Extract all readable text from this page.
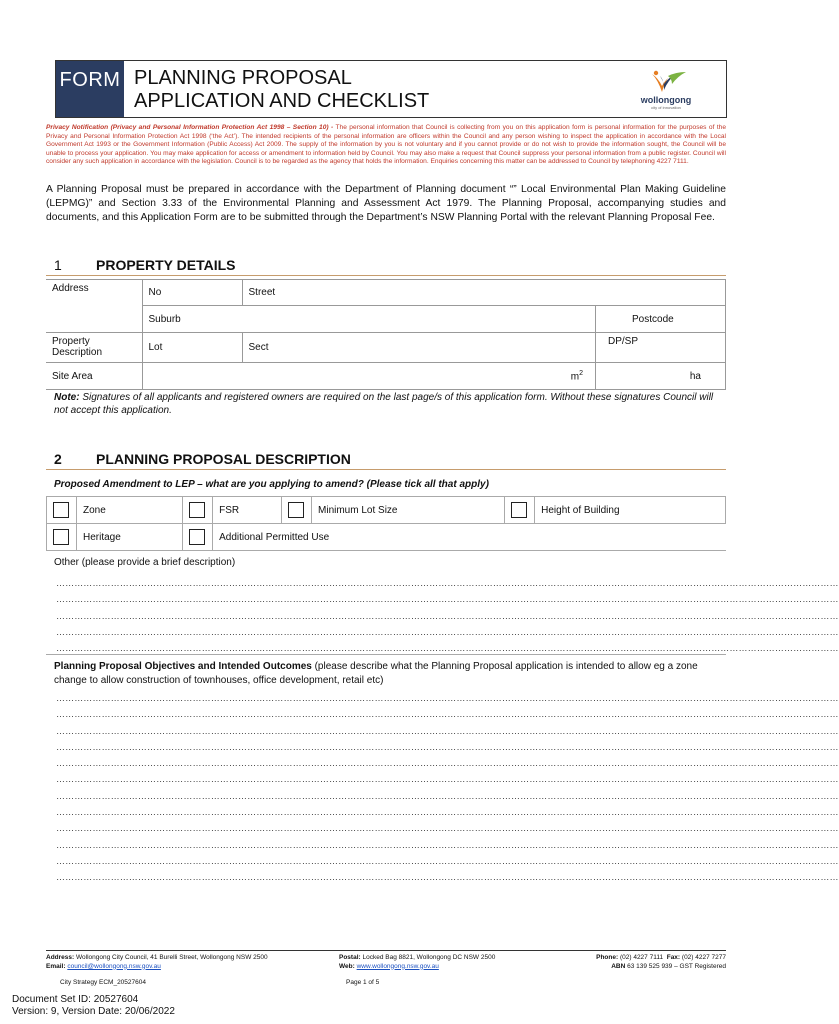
FORM PLANNING PROPOSAL
APPLICATION AND CHECKLIST	wollongong
city of innovation
Privacy Notification (Privacy and Personal Information Protection Act 1998 – Section 10) - The personal information that Council is collecting from you on this application form is personal information for the purposes of the Privacy and Personal Information Protection Act 1998 (‘the Act’). The intended recipients of the personal information are officers within the Council and any person wishing to inspect the application in accordance with the Local Government Act 1993 or the Government Information (Public Access) Act 2009. The supply of the information by you is not voluntary and if you cannot provide or do not wish to provide the information sought, the Council will be unable to process your application. You may make application for access or amendment to information held by Council. You may also make a request that Council suppress your personal information from a public register. Council will consider any such application in accordance with the legislation. Council is to be regarded as the agency that holds the information. Enquiries concerning this matter can be addressed to Council by telephoning 4227 7111.
A Planning Proposal must be prepared in accordance with the Department of Planning document “” Local Environmental Plan Making Guideline (LEPMG)” and Section 3.33 of the Environmental Planning and Assessment Act 1979. The Planning Proposal, accompanying studies and documents, and this Application Form are to be submitted through the Department’s NSW Planning Portal with the relevant Planning Proposal Fee.
1	PROPERTY DETAILS
Address	No	Street	
	Suburb		Postcode
Property Description	Lot	Sect	DP/SP
Site Area	$m^2$		ha
Note: Signatures of all applicants and registered owners are required on the last page/s of this application form. Without these signatures Council will not accept this application.
2	PLANNING PROPOSAL DESCRIPTION
Proposed Amendment to LEP – what are you applying to amend? (Please tick all that apply)
	Zone		FSR		Minimum Lot Size		Height of Building
	Heritage		Additional Permitted Use				
Other (please provide a brief description)
……………………………………………………………………………………………………………………………………………………………………………………………………………………………………
……………………………………………………………………………………………………………………………………………………………………………………………………………………………………
……………………………………………………………………………………………………………………………………………………………………………………………………………………………………
……………………………………………………………………………………………………………………………………………………………………………………………………………………………………
……………………………………………………………………………………………………………………………………………………………………………………………………………………………………
Planning Proposal Objectives and Intended Outcomes (please describe what the Planning Proposal application is intended to allow eg a zone change to allow construction of townhouses, office development, retail etc)
……………………………………………………………………………………………………………………………………………………………………………………………………………………………………
……………………………………………………………………………………………………………………………………………………………………………………………………………………………………
……………………………………………………………………………………………………………………………………………………………………………………………………………………………………
……………………………………………………………………………………………………………………………………………………………………………………………………………………………………
……………………………………………………………………………………………………………………………………………………………………………………………………………………………………
……………………………………………………………………………………………………………………………………………………………………………………………………………………………………
……………………………………………………………………………………………………………………………………………………………………………………………………………………………………
……………………………………………………………………………………………………………………………………………………………………………………………………………………………………
……………………………………………………………………………………………………………………………………………………………………………………………………………………………………
……………………………………………………………………………………………………………………………………………………………………………………………………………………………………
……………………………………………………………………………………………………………………………………………………………………………………………………………………………………
……………………………………………………………………………………………………………………………………………………………………………………………………………………………………
Address: Wollongong City Council, 41 Burelli Street, Wollongong NSW 2500
Email: council@wollongong.nsw.gov.au
Postal: Locked Bag 8821, Wollongong DC NSW 2500
Web: www.wollongong.nsw.gov.au
Phone: (02) 4227 7111 Fax: (02) 4227 7277
ABN 63 139 525 939 – GST Registered
City Strategy ECM_20527604	Page 1 of 5
Document Set ID: 20527604
Version: 9, Version Date: 20/06/2022
